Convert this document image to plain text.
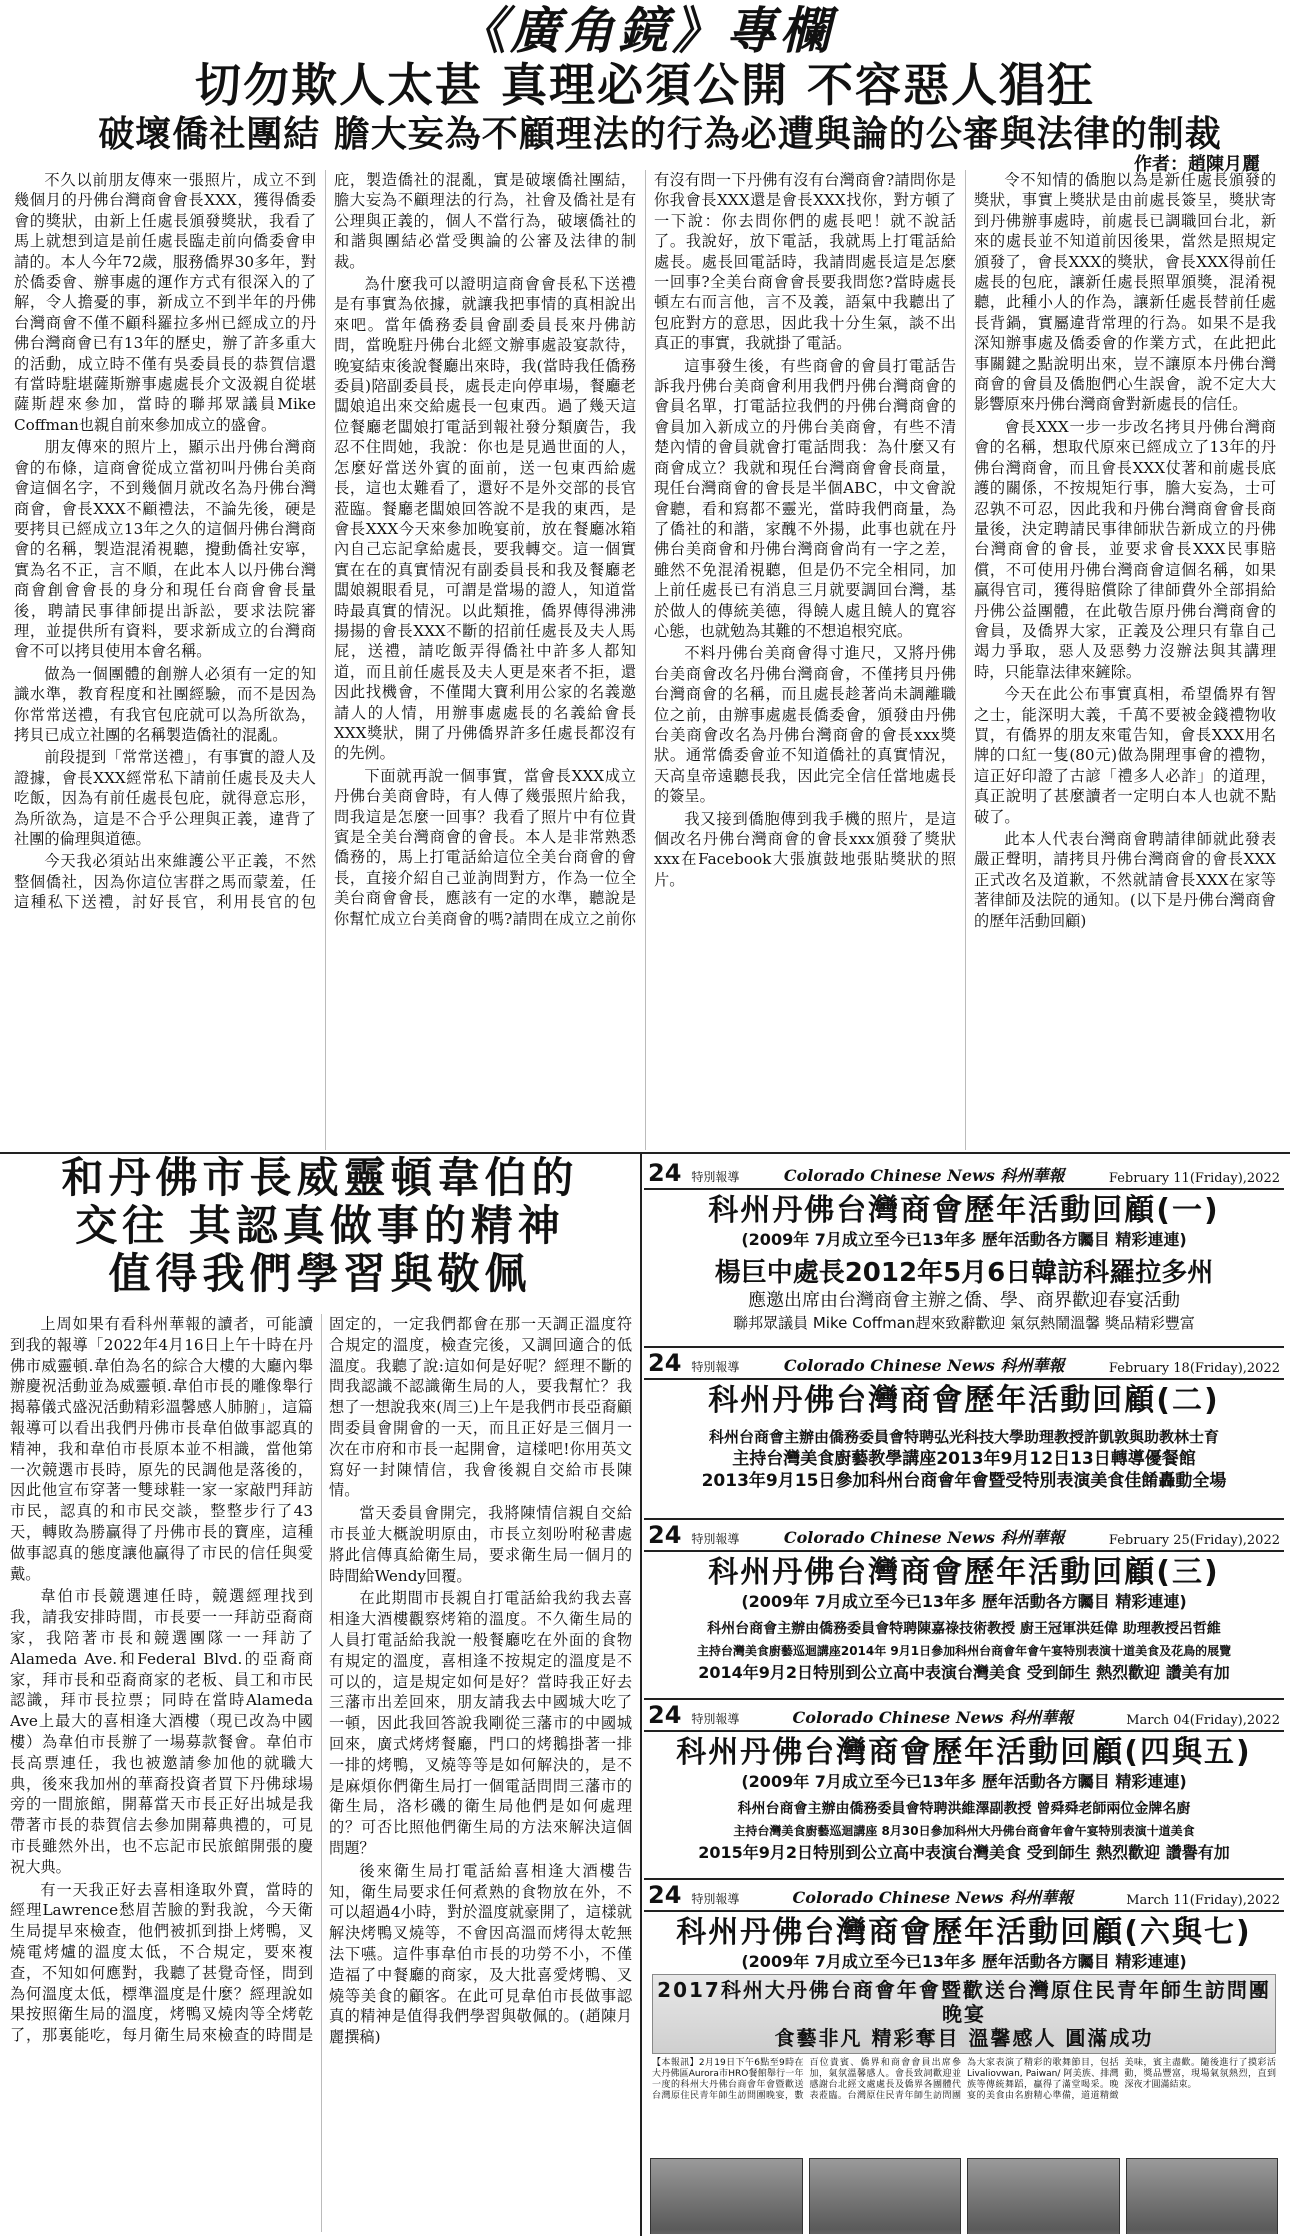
《廣角鏡》專欄
切勿欺人太甚 真理必須公開 不容惡人猖狂
破壞僑社團結 膽大妄為不顧理法的行為必遭與論的公審與法律的制裁
作者：趙陳月麗

不久以前朋友傳來一張照片，成立不到幾個月的丹佛台灣商會會長XXX，獲得僑委會的獎狀，由新上任處長頒發獎狀，我看了馬上就想到這是前任處長臨走前向僑委會申請的。本人今年72歲，服務僑界30多年，對於僑委會、辦事處的運作方式有很深入的了解，令人擔憂的事，新成立不到半年的丹佛台灣商會不僅不顧科羅拉多州已經成立的丹佛台灣商會已有13年的歷史，辦了許多重大的活動，成立時不僅有吳委員長的恭賀信還有當時駐堪薩斯辦事處處長介文汲親自從堪薩斯趕來參加，當時的聯邦眾議員Mike Coffman也親自前來參加成立的盛會。

朋友傳來的照片上，顯示出丹佛台灣商會的布條，這商會從成立當初叫丹佛台美商會這個名字，不到幾個月就改名為丹佛台灣商會，會長XXX不顧禮法，不論先後，硬是要拷貝已經成立13年之久的這個丹佛台灣商會的名稱，製造混淆視聽，攪動僑社安寧，實為名不正，言不順，在此本人以丹佛台灣商會創會會長的身分和現任台商會會長量後，聘請民事律師提出訴訟，要求法院審理，並提供所有資料，要求新成立的台灣商會不可以拷貝使用本會名稱。

做為一個團體的創辦人必須有一定的知識水準，教育程度和社團經驗，而不是因為你常常送禮，有我官包庇就可以為所欲為，拷貝已成立社團的名稱製造僑社的混亂。

前段提到「常常送禮」，有事實的證人及證據，會長XXX經常私下請前任處長及夫人吃飯，因為有前任處長包庇，就得意忘形，為所欲為，這是不合乎公理與正義，違背了社團的倫理與道德。

今天我必須站出來維護公平正義，不然整個僑社，因為你這位害群之馬而蒙羞，任這種私下送禮，討好長官，利用長官的包庇，製造僑社的混亂，實是破壞僑社團結，膽大妄為不顧理法的行為，社會及僑社是有公理與正義的，個人不當行為，破壞僑社的和諧與團結必當受輿論的公審及法律的制裁。

為什麼我可以證明這商會會長私下送禮是有事實為依據，就讓我把事情的真相說出來吧。當年僑務委員會副委員長來丹佛訪問，當晚駐丹佛台北經文辦事處設宴款待，晚宴結束後說餐廳出來時，我(當時我任僑務委員)陪副委員長，處長走向停車場，餐廳老闆娘追出來交給處長一包東西。過了幾天這位餐廳老闆娘打電話到報社發分類廣告，我忍不住問她，我說：你也是見過世面的人，怎麼好當送外賓的面前，送一包東西給處長，這也太難看了，還好不是外交部的長官蒞臨。餐廳老闆娘回答說不是我的東西，是會長XXX今天來參加晚宴前，放在餐廳冰箱內自己忘記拿給處長，要我轉交。這一個實實在在的真實情況有副委員長和我及餐廳老闆娘親眼看見，可謂是當場的證人，知道當時最真實的情況。以此類推，僑界傳得沸沸揚揚的會長XXX不斷的招前任處長及夫人馬屁，送禮，請吃飯弄得僑社中許多人都知道，而且前任處長及夫人更是來者不拒，還因此找機會，不僅聞大寶利用公家的名義邀請人的人情，用辦事處處長的名義給會長XXX獎狀，開了丹佛僑界許多任處長都沒有的先例。

下面就再說一個事實，當會長XXX成立丹佛台美商會時，有人傳了幾張照片給我，問我這是怎麼一回事？我看了照片中有位貴賓是全美台灣商會的會長。本人是非常熟悉僑務的，馬上打電話給這位全美台商會的會長，直接介紹自己並詢問對方，作為一位全美台商會會長，應該有一定的水準，聽說是你幫忙成立台美商會的嗎?請問在成立之前你有沒有問一下丹佛有沒有台灣商會?請問你是你我會長XXX還是會長XXX找你，對方頓了一下說：你去問你們的處長吧！就不說話了。我說好，放下電話，我就馬上打電話給處長。處長回電話時，我請問處長這是怎麼一回事?全美台商會會長要我問您?當時處長頓左右而言他，言不及義，語氣中我聽出了包庇對方的意思，因此我十分生氣，談不出真正的事實，我就掛了電話。

這事發生後，有些商會的會員打電話告訴我丹佛台美商會利用我們丹佛台灣商會的會員名單，打電話拉我們的丹佛台灣商會的會員加入新成立的丹佛台美商會，有些不清楚內情的會員就會打電話問我：為什麼又有商會成立？我就和現任台灣商會會長商量，現任台灣商會的會長是半個ABC，中文會說會聽，看和寫都不靈光，當時我們商量，為了僑社的和諧，家醜不外揚，此事也就在丹佛台美商會和丹佛台灣商會尚有一字之差，雖然不免混淆視聽，但是仍不完全相同，加上前任處長已有消息三月就要調回台灣，基於做人的傳統美德，得饒人處且饒人的寬容心態，也就勉為其難的不想追根究底。

不料丹佛台美商會得寸進尺，又將丹佛台美商會改名丹佛台灣商會，不僅拷貝丹佛台灣商會的名稱，而且處長趁著尚未調離職位之前，由辦事處處長僑委會，頒發由丹佛台美商會改名為丹佛台灣商會的會長xxx獎狀。通常僑委會並不知道僑社的真實情況，天高皇帝遠聽長我，因此完全信任當地處長的簽呈。

我又接到僑胞傳到我手機的照片，是這個改名丹佛台灣商會的會長xxx頒發了獎狀xxx在Facebook大張旗鼓地張貼獎狀的照片。

令不知情的僑胞以為是新任處長頒發的獎狀，事實上獎狀是由前處長簽呈，獎狀寄到丹佛辦事處時，前處長已調職回台北，新來的處長並不知道前因後果，當然是照規定頒發了，會長XXX的獎狀，會長XXX得前任處長的包庇，讓新任處長照單頒獎，混淆視聽，此種小人的作為，讓新任處長替前任處長背鍋，實屬違背常理的行為。如果不是我深知辦事處及僑委會的作業方式，在此把此事關鍵之點說明出來，豈不讓原本丹佛台灣商會的會員及僑胞們心生誤會，說不定大大影響原來丹佛台灣商會對新處長的信任。

會長XXX一步一步改名拷貝丹佛台灣商會的名稱，想取代原來已經成立了13年的丹佛台灣商會，而且會長XXX仗著和前處長底護的關係，不按規矩行事，膽大妄為，士可忍孰不可忍，因此我和丹佛台灣商會會長商量後，決定聘請民事律師狀告新成立的丹佛台灣商會的會長，並要求會長XXX民事賠償，不可使用丹佛台灣商會這個名稱，如果贏得官司，獲得賠償除了律師費外全部捐給丹佛公益團體，在此敬告原丹佛台灣商會的會員，及僑界大家，正義及公理只有靠自己竭力爭取，惡人及惡勢力沒辦法與其講理時，只能靠法律來鏟除。

今天在此公布事實真相，希望僑界有智之士，能深明大義，千萬不要被金錢禮物收買，有僑界的朋友來電告知，會長XXX用名牌的口紅一隻(80元)做為開理事會的禮物，這正好印證了古諺「禮多人必詐」的道理，真正說明了甚麼讀者一定明白本人也就不點破了。

此本人代表台灣商會聘請律師就此發表嚴正聲明，請拷貝丹佛台灣商會的會長XXX正式改名及道歉，不然就請會長XXX在家等著律師及法院的通知。(以下是丹佛台灣商會的歷年活動回顧)

和丹佛市長威靈頓韋伯的
交往 其認真做事的精神
值得我們學習與敬佩

上周如果有看科州華報的讀者，可能讀到我的報導「2022年4月16日上午十時在丹佛市威靈頓.韋伯為名的綜合大樓的大廳內舉辦慶祝活動並為威靈頓.韋伯市長的雕像舉行揭幕儀式盛況活動精彩溫馨感人肺腑」，這篇報導可以看出我們丹佛市長韋伯做事認真的精神，我和韋伯市長原本並不相識，當他第一次競選市長時，原先的民調他是落後的，因此他宣布穿著一雙球鞋一家一家敲門拜訪市民，認真的和市民交談，整整步行了43天，轉敗為勝贏得了丹佛市長的寶座，這種做事認真的態度讓他贏得了市民的信任與愛戴。

韋伯市長競選連任時，競選經理找到我，請我安排時間，市長要一一拜訪亞裔商家，我陪著市長和競選團隊一一拜訪了Alameda Ave.和Federal Blvd.的亞裔商家，拜市長和亞裔商家的老板、員工和市民認識，拜市長拉票；同時在當時Alameda Ave上最大的喜相逢大酒樓（現已改為中國樓）為韋伯市長辦了一場募款餐會。韋伯市長高票連任，我也被邀請參加他的就職大典，後來我加州的華裔投資者買下丹佛球場旁的一間旅館，開幕當天市長正好出城是我帶著市長的恭賀信去參加開幕典禮的，可見市長雖然外出，也不忘記市民旅館開張的慶祝大典。

有一天我正好去喜相逢取外賣，當時的經理Lawrence愁眉苦臉的對我說，今天衛生局提早來檢查，他們被抓到掛上烤鴨，叉燒電烤爐的溫度太低，不合規定，要來複查，不知如何應對，我聽了甚覺奇怪，問到為何溫度太低，標準溫度是什麼？經理說如果按照衛生局的溫度，烤鴨叉燒肉等全烤乾了，那裏能吃，每月衛生局來檢查的時間是固定的，一定我們都會在那一天調正溫度符合規定的溫度，檢查完後，又調回適合的低溫度。我聽了說:這如何是好呢？經理不斷的問我認識不認識衛生局的人，要我幫忙？我想了一想說我來(周三)上午是我們市長亞裔顧問委員會開會的一天，而且正好是三個月一次在市府和市長一起開會，這樣吧!你用英文寫好一封陳情信，我會後親自交給市長陳情。

當天委員會開完，我將陳情信親自交給市長並大概說明原由，市長立刻吩咐秘書處將此信傳真給衛生局，要求衛生局一個月的時間給Wendy回覆。

在此期間市長親自打電話給我約我去喜相逢大酒樓觀察烤箱的溫度。不久衛生局的人員打電話給我說一般餐廳吃在外面的食物有規定的溫度，喜相逢不按規定的溫度是不可以的，這是規定如何是好？當時我正好去三藩市出差回來，朋友請我去中國城大吃了一頓，因此我回答說我剛從三藩市的中國城回來，廣式烤烤餐廳，門口的烤鵝掛著一排一排的烤鴨，叉燒等等是如何解決的，是不是麻煩你們衛生局打一個電話問問三藩市的衛生局，洛杉磯的衛生局他們是如何處理的？可否比照他們衛生局的方法來解決這個問題？

後來衛生局打電話給喜相逢大酒樓告知，衛生局要求任何煮熟的食物放在外，不可以超過4小時，對於溫度就豪開了，這樣就解決烤鴨叉燒等，不會因高溫而烤得太乾無法下嚥。這件事韋伯市長的功勞不小，不僅造福了中餐廳的商家，及大批喜愛烤鴨、叉燒等美食的顧客。在此可見韋伯市長做事認真的精神是值得我們學習與敬佩的。(趙陳月麗撰稿)

24 特別報導	Colorado Chinese News 科州華報	February 11(Friday),2022
科州丹佛台灣商會歷年活動回顧(一)
(2009年 7月成立至今已13年多 歷年活動各方矚目 精彩連連)
楊巨中處長2012年5月6日韓訪科羅拉多州
應邀出席由台灣商會主辦之僑、學、商界歡迎春宴活動
聯邦眾議員 Mike Coffman趕來致辭歡迎 氣氛熱鬧溫馨 獎品精彩豐富
24 特別報導	Colorado Chinese News 科州華報	February 18(Friday),2022
科州丹佛台灣商會歷年活動回顧(二)
科州台商會主辦由僑務委員會特聘弘光科技大學助理教授許凱敦與助教林士育
主持台灣美食廚藝教學講座2013年9月12日13日轉導優餐館
2013年9月15日參加科州台商會年會暨受特別表演美食佳餚轟動全場
24 特別報導	Colorado Chinese News 科州華報	February 25(Friday),2022
科州丹佛台灣商會歷年活動回顧(三)
(2009年 7月成立至今已13年多 歷年活動各方矚目 精彩連連)
科州台商會主辦由僑務委員會特聘陳嘉祿技術教授 廚王冠軍洪廷偉 助理教授呂哲維
主持台灣美食廚藝巡迴講座2014年 9月1日參加科州台商會年會午宴特別表演十道美食及花鳥的展覽
2014年9月2日特別到公立高中表演台灣美食 受到師生 熱烈歡迎 讚美有加
24 特別報導	Colorado Chinese News 科州華報	March 04(Friday),2022
科州丹佛台灣商會歷年活動回顧(四與五)
(2009年 7月成立至今已13年多 歷年活動各方矚目 精彩連連)
科州台商會主辦由僑務委員會特聘洪維澤副教授 曾舜舜老師兩位金牌名廚
主持台灣美食廚藝巡迴講座 8月30日參加科州大丹佛台商會年會午宴特別表演十道美食
2015年9月2日特別到公立高中表演台灣美食 受到師生 熱烈歡迎 讚譽有加
24 特別報導	Colorado Chinese News 科州華報	March 11(Friday),2022
科州丹佛台灣商會歷年活動回顧(六與七)
(2009年 7月成立至今已13年多 歷年活動各方矚目 精彩連連)
2017科州大丹佛台商會年會暨歡送台灣原住民青年師生訪問團晚宴
食藝非凡 精彩奪目 溫馨感人 圓滿成功
【本報訊】2月19日下午6點至9時在大丹佛區Aurora市HRO餐館舉行一年一度的科州大丹佛台商會年會暨歡送台灣原住民青年師生訪問團晚宴，數百位貴賓、僑界和商會會員出席參加，氣氛溫馨感人。會長致詞歡迎並感謝台北經文處處長及僑界各團體代表蒞臨。台灣原住民青年師生訪問團為大家表演了精彩的歌舞節目，包括Livaliovwan, Paiwan/ 阿美族、排灣族等傳統舞蹈，贏得了滿堂喝采。晚宴的美食由名廚精心準備，道道精緻美味，賓主盡歡。隨後進行了摸彩活動，獎品豐富，現場氣氛熱烈，直到深夜才圓滿結束。
